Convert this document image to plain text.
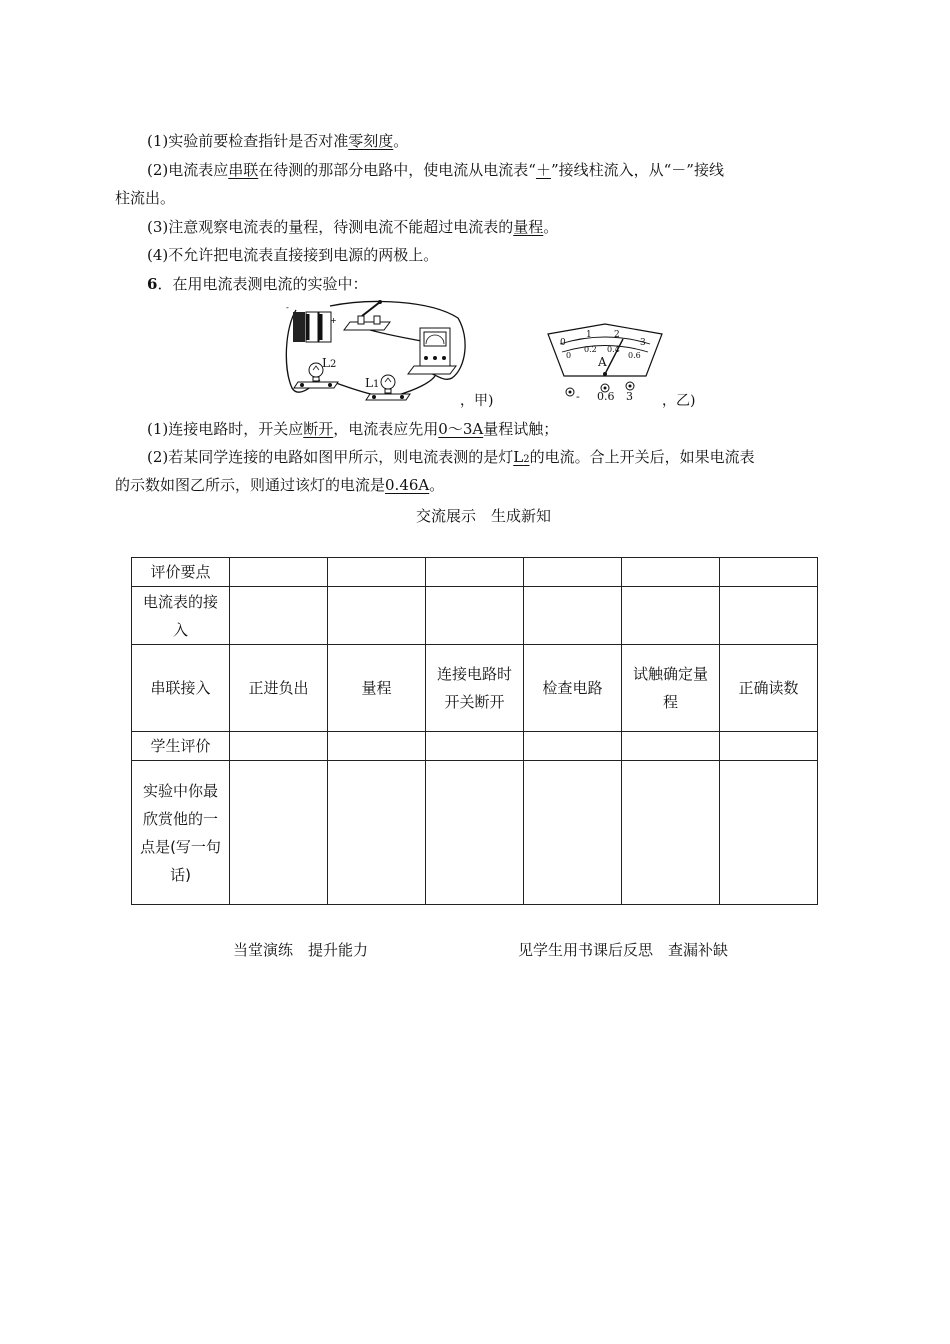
(1)实验前要检查指针是否对准零刻度。
(2)电流表应串联在待测的那部分电路中，使电流从电流表“＋”接线柱流入，从“－”接线
柱流出。
(3)注意观察电流表的量程，待测电流不能超过电流表的量程。
(4)不允许把电流表直接接到电源的两极上。
6．在用电流表测电流的实验中：
-
+
L2
L1
，甲)
0
1 2
3
0
0.2 0.4
0.6
A
- 0.6 3 ，乙)
(1)连接电路时，开关应断开，电流表应先用0～3A量程试触；
(2)若某同学连接的电路如图甲所示，则电流表测的是灯L2的电流。合上开关后，如果电流表
的示数如图乙所示，则通过该灯的电流是0.46A。
交流展示　生成新知
评价要点						
电流表的接入						
串联接入	正进负出	量程	连接电路时开关断开	检查电路	试触确定量程	正确读数
学生评价						
实验中你最欣赏他的一点是(写一句话)						
当堂演练　提升能力	见学生用书课后反思　查漏补缺
